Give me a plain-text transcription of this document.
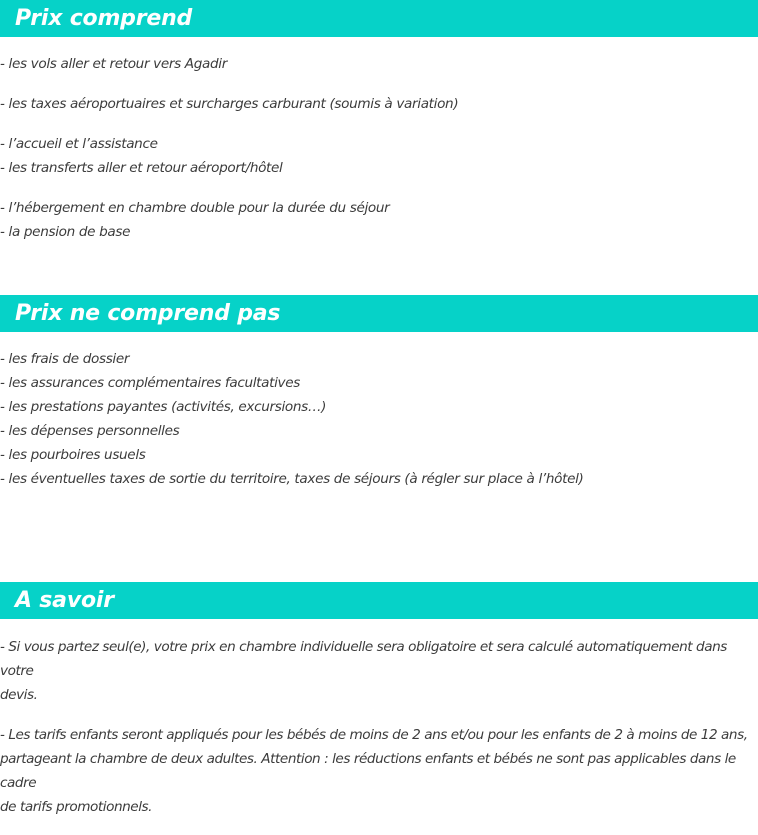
Prix comprend

- les vols aller et retour vers Agadir

- les taxes aéroportuaires et surcharges carburant (soumis à variation)

- l’accueil et l’assistance
- les transferts aller et retour aéroport/hôtel

- l’hébergement en chambre double pour la durée du séjour
- la pension de base

Prix ne comprend pas

- les frais de dossier
- les assurances complémentaires facultatives
- les prestations payantes (activités, excursions…)
- les dépenses personnelles
- les pourboires usuels
- les éventuelles taxes de sortie du territoire, taxes de séjours (à régler sur place à l’hôtel)

A savoir

- Si vous partez seul(e), votre prix en chambre individuelle sera obligatoire et sera calculé automatiquement dans votre
devis.

- Les tarifs enfants seront appliqués pour les bébés de moins de 2 ans et/ou pour les enfants de 2 à moins de 12 ans,
partageant la chambre de deux adultes. Attention : les réductions enfants et bébés ne sont pas applicables dans le cadre
de tarifs promotionnels.
